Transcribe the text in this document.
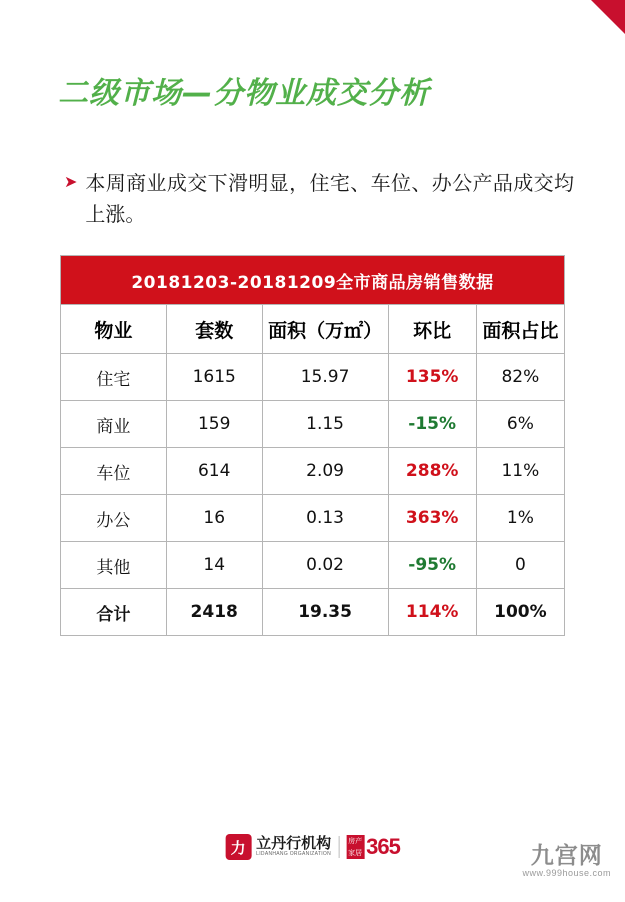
二级市场—分物业成交分析
➤ 本周商业成交下滑明显，住宅、车位、办公产品成交均上涨。
20181203-20181209全市商品房销售数据				
物业	套数	面积（万㎡）	环比	面积占比
住宅	1615	15.97	135%	82%
商业	159	1.15	-15%	6%
车位	614	2.09	288%	11%
办公	16	0.13	363%	1%
其他	14	0.02	-95%	0
合计	2418	19.35	114%	100%
力 立丹行机构
LIDANHANG ORGANIZATION
房产
家居 365	九宫网
www.999house.com
